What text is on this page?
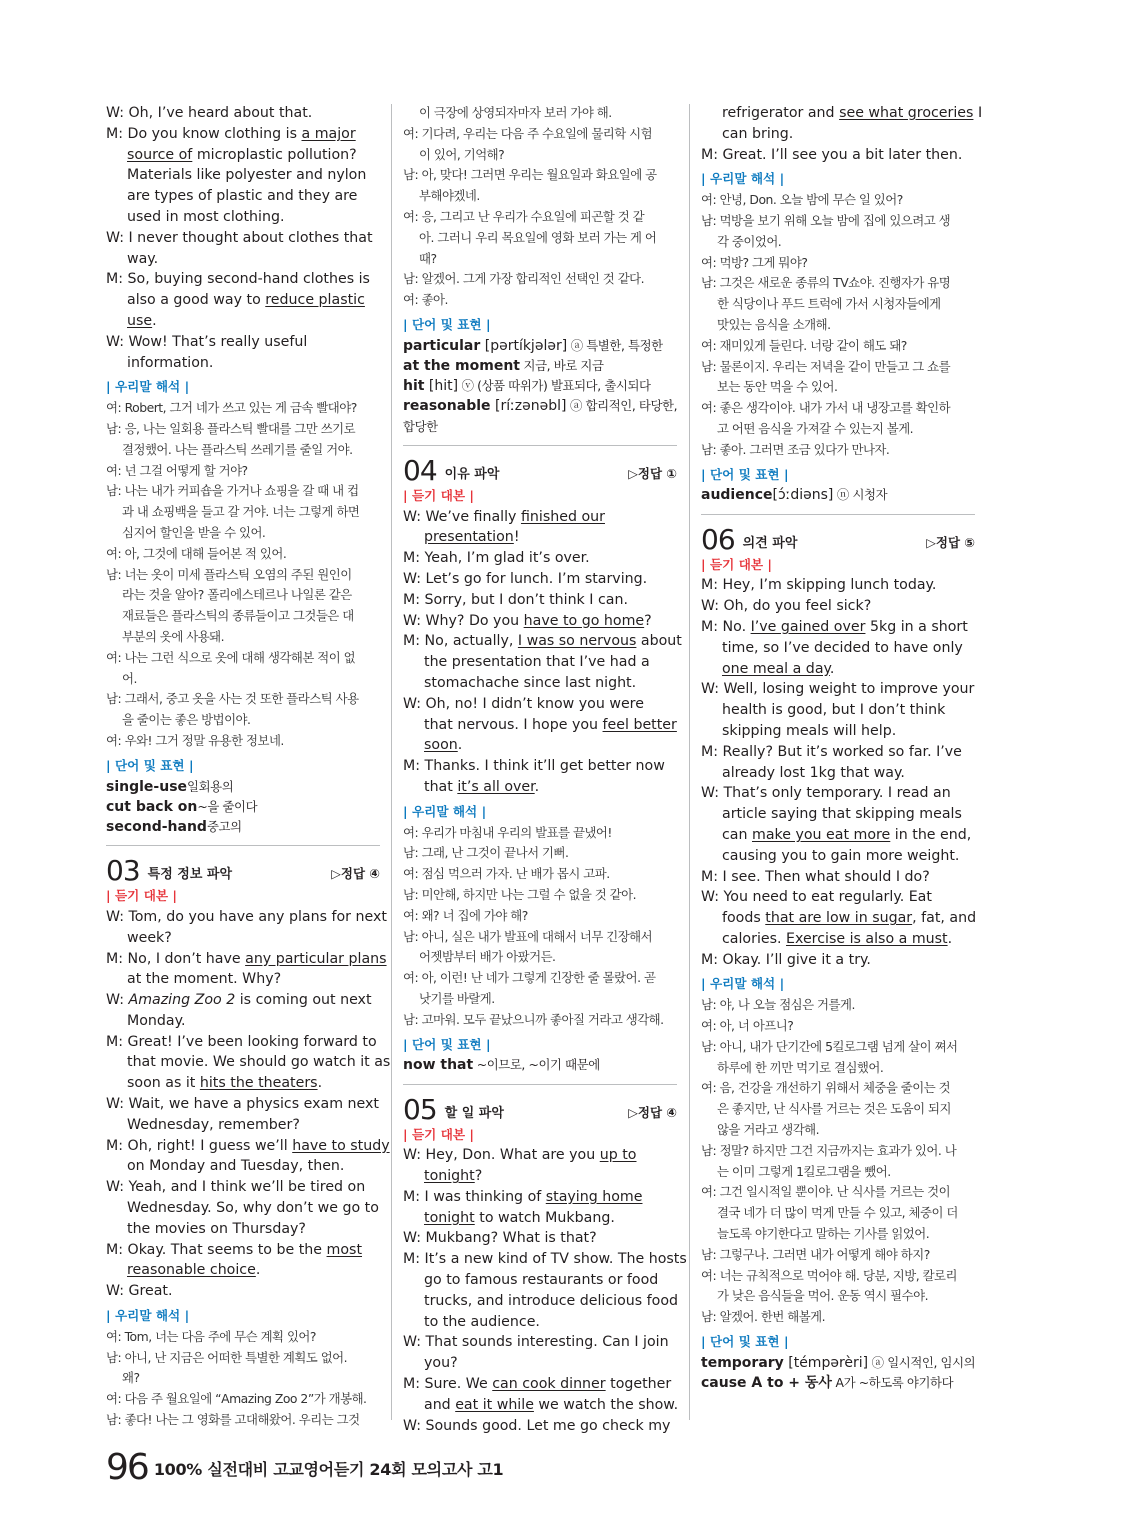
W: Oh, I’ve heard about that.
M: Do you know clothing is a major
source of microplastic pollution?
Materials like polyester and nylon
are types of plastic and they are
used in most clothing.
W: I never thought about clothes that
way.
M: So, buying second-hand clothes is
also a good way to reduce plastic
use.
W: Wow! That’s really useful
information.
| 우리말 해석 |
여: Robert, 그거 네가 쓰고 있는 게 금속 빨대야?
남: 응, 나는 일회용 플라스틱 빨대를 그만 쓰기로
결정했어. 나는 플라스틱 쓰레기를 줄일 거야.
여: 넌 그걸 어떻게 할 거야?
남: 나는 내가 커피숍을 가거나 쇼핑을 갈 때 내 컵
과 내 쇼핑백을 들고 갈 거야. 너는 그렇게 하면
심지어 할인을 받을 수 있어.
여: 아, 그것에 대해 들어본 적 있어.
남: 너는 옷이 미세 플라스틱 오염의 주된 원인이
라는 것을 알아? 폴리에스테르나 나일론 같은
재료들은 플라스틱의 종류들이고 그것들은 대
부분의 옷에 사용돼.
여: 나는 그런 식으로 옷에 대해 생각해본 적이 없
어.
남: 그래서, 중고 옷을 사는 것 또한 플라스틱 사용
을 줄이는 좋은 방법이야.
여: 우와! 그거 정말 유용한 정보네.
| 단어 및 표현 |
single-use일회용의
cut back on~을 줄이다
second-hand중고의
03 특정 정보 파악	▷정답 ④
| 듣기 대본 |
W: Tom, do you have any plans for next
week?
M: No, I don’t have any particular plans
at the moment. Why?
W: Amazing Zoo 2 is coming out next
Monday.
M: Great! I’ve been looking forward to
that movie. We should go watch it as
soon as it hits the theaters.
W: Wait, we have a physics exam next
Wednesday, remember?
M: Oh, right! I guess we’ll have to study
on Monday and Tuesday, then.
W: Yeah, and I think we’ll be tired on
Wednesday. So, why don’t we go to
the movies on Thursday?
M: Okay. That seems to be the most
reasonable choice.
W: Great.
| 우리말 해석 |
여: Tom, 너는 다음 주에 무슨 계획 있어?
남: 아니, 난 지금은 어떠한 특별한 계획도 없어.
왜?
여: 다음 주 월요일에 “Amazing Zoo 2”가 개봉해.
남: 좋다! 나는 그 영화를 고대해왔어. 우리는 그것
이 극장에 상영되자마자 보러 가야 해.
여: 기다려, 우리는 다음 주 수요일에 물리학 시험
이 있어, 기억해?
남: 아, 맞다! 그러면 우리는 월요일과 화요일에 공
부해야겠네.
여: 응, 그리고 난 우리가 수요일에 피곤할 것 같
아. 그러니 우리 목요일에 영화 보러 가는 게 어
때?
남: 알겠어. 그게 가장 합리적인 선택인 것 같다.
여: 좋아.
| 단어 및 표현 |
particular [pərtíkjələr] ⓐ 특별한, 특정한
at the moment 지금, 바로 지금
hit [hit] ⓥ (상품 따위가) 발표되다, 출시되다
reasonable [ríːzənəbl] ⓐ 합리적인, 타당한,
합당한
04 이유 파악	▷정답 ①
| 듣기 대본 |
W: We’ve finally finished our
presentation!
M: Yeah, I’m glad it’s over.
W: Let’s go for lunch. I’m starving.
M: Sorry, but I don’t think I can.
W: Why? Do you have to go home?
M: No, actually, I was so nervous about
the presentation that I’ve had a
stomachache since last night.
W: Oh, no! I didn’t know you were
that nervous. I hope you feel better
soon.
M: Thanks. I think it’ll get better now
that it’s all over.
| 우리말 해석 |
여: 우리가 마침내 우리의 발표를 끝냈어!
남: 그래, 난 그것이 끝나서 기뻐.
여: 점심 먹으러 가자. 난 배가 몹시 고파.
남: 미안해, 하지만 나는 그럴 수 없을 것 같아.
여: 왜? 너 집에 가야 해?
남: 아니, 실은 내가 발표에 대해서 너무 긴장해서
어젯밤부터 배가 아팠거든.
여: 아, 이런! 난 네가 그렇게 긴장한 줄 몰랐어. 곧
낫기를 바랄게.
남: 고마워. 모두 끝났으니까 좋아질 거라고 생각해.
| 단어 및 표현 |
now that ~이므로, ~이기 때문에
05 할 일 파악	▷정답 ④
| 듣기 대본 |
W: Hey, Don. What are you up to
tonight?
M: I was thinking of staying home
tonight to watch Mukbang.
W: Mukbang? What is that?
M: It’s a new kind of TV show. The hosts
go to famous restaurants or food
trucks, and introduce delicious food
to the audience.
W: That sounds interesting. Can I join
you?
M: Sure. We can cook dinner together
and eat it while we watch the show.
W: Sounds good. Let me go check my
refrigerator and see what groceries I
can bring.
M: Great. I’ll see you a bit later then.
| 우리말 해석 |
여: 안녕, Don. 오늘 밤에 무슨 일 있어?
남: 먹방을 보기 위해 오늘 밤에 집에 있으려고 생
각 중이었어.
여: 먹방? 그게 뭐야?
남: 그것은 새로운 종류의 TV쇼야. 진행자가 유명
한 식당이나 푸드 트럭에 가서 시청자들에게
맛있는 음식을 소개해.
여: 재미있게 들린다. 너랑 같이 해도 돼?
남: 물론이지. 우리는 저녁을 같이 만들고 그 쇼를
보는 동안 먹을 수 있어.
여: 좋은 생각이야. 내가 가서 내 냉장고를 확인하
고 어떤 음식을 가져갈 수 있는지 볼게.
남: 좋아. 그러면 조금 있다가 만나자.
| 단어 및 표현 |
audience[ɔ́ːdiəns] ⓝ 시청자
06 의견 파악	▷정답 ⑤
| 듣기 대본 |
M: Hey, I’m skipping lunch today.
W: Oh, do you feel sick?
M: No. I’ve gained over 5kg in a short
time, so I’ve decided to have only
one meal a day.
W: Well, losing weight to improve your
health is good, but I don’t think
skipping meals will help.
M: Really? But it’s worked so far. I’ve
already lost 1kg that way.
W: That’s only temporary. I read an
article saying that skipping meals
can make you eat more in the end,
causing you to gain more weight.
M: I see. Then what should I do?
W: You need to eat regularly. Eat
foods that are low in sugar, fat, and
calories. Exercise is also a must.
M: Okay. I’ll give it a try.
| 우리말 해석 |
남: 야, 나 오늘 점심은 거를게.
여: 아, 너 아프니?
남: 아니, 내가 단기간에 5킬로그램 넘게 살이 쪄서
하루에 한 끼만 먹기로 결심했어.
여: 음, 건강을 개선하기 위해서 체중을 줄이는 것
은 좋지만, 난 식사를 거르는 것은 도움이 되지
않을 거라고 생각해.
남: 정말? 하지만 그건 지금까지는 효과가 있어. 나
는 이미 그렇게 1킬로그램을 뺐어.
여: 그건 일시적일 뿐이야. 난 식사를 거르는 것이
결국 네가 더 많이 먹게 만들 수 있고, 체중이 더
늘도록 야기한다고 말하는 기사를 읽었어.
남: 그렇구나. 그러면 내가 어떻게 해야 하지?
여: 너는 규칙적으로 먹어야 해. 당분, 지방, 칼로리
가 낮은 음식들을 먹어. 운동 역시 필수야.
남: 알겠어. 한번 해볼게.
| 단어 및 표현 |
temporary [témpərèri] ⓐ 일시적인, 임시의
cause A to + 동사 A가 ~하도록 야기하다
96 100% 실전대비 고교영어듣기 24회 모의고사 고1
